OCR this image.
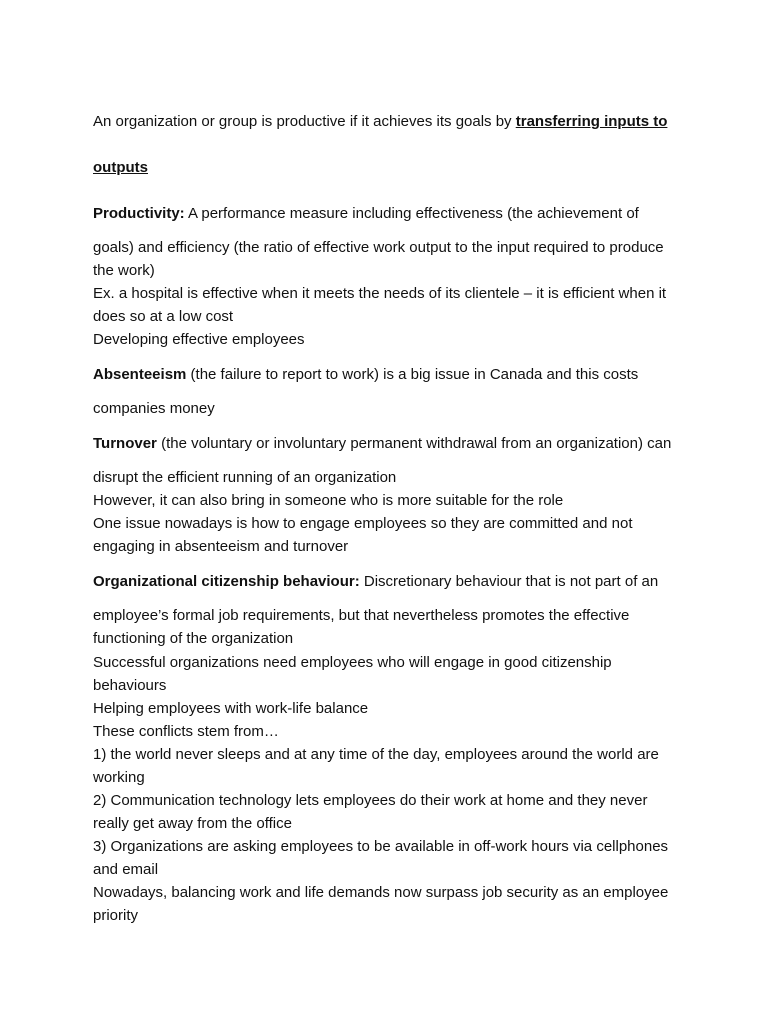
An organization or group is productive if it achieves its goals by transferring inputs to
outputs
Productivity: A performance measure including effectiveness (the achievement of
goals) and efficiency (the ratio of effective work output to the input required to produce
the work)
Ex. a hospital is effective when it meets the needs of its clientele – it is efficient when it
does so at a low cost
Developing effective employees
Absenteeism (the failure to report to work) is a big issue in Canada and this costs
companies money
Turnover (the voluntary or involuntary permanent withdrawal from an organization) can
disrupt the efficient running of an organization
However, it can also bring in someone who is more suitable for the role
One issue nowadays is how to engage employees so they are committed and not
engaging in absenteeism and turnover
Organizational citizenship behaviour: Discretionary behaviour that is not part of an
employee’s formal job requirements, but that nevertheless promotes the effective
functioning of the organization
Successful organizations need employees who will engage in good citizenship
behaviours
Helping employees with work-life balance
These conflicts stem from…
1) the world never sleeps and at any time of the day, employees around the world are
working
2) Communication technology lets employees do their work at home and they never
really get away from the office
3) Organizations are asking employees to be available in off-work hours via cellphones
and email
Nowadays, balancing work and life demands now surpass job security as an employee
priority
